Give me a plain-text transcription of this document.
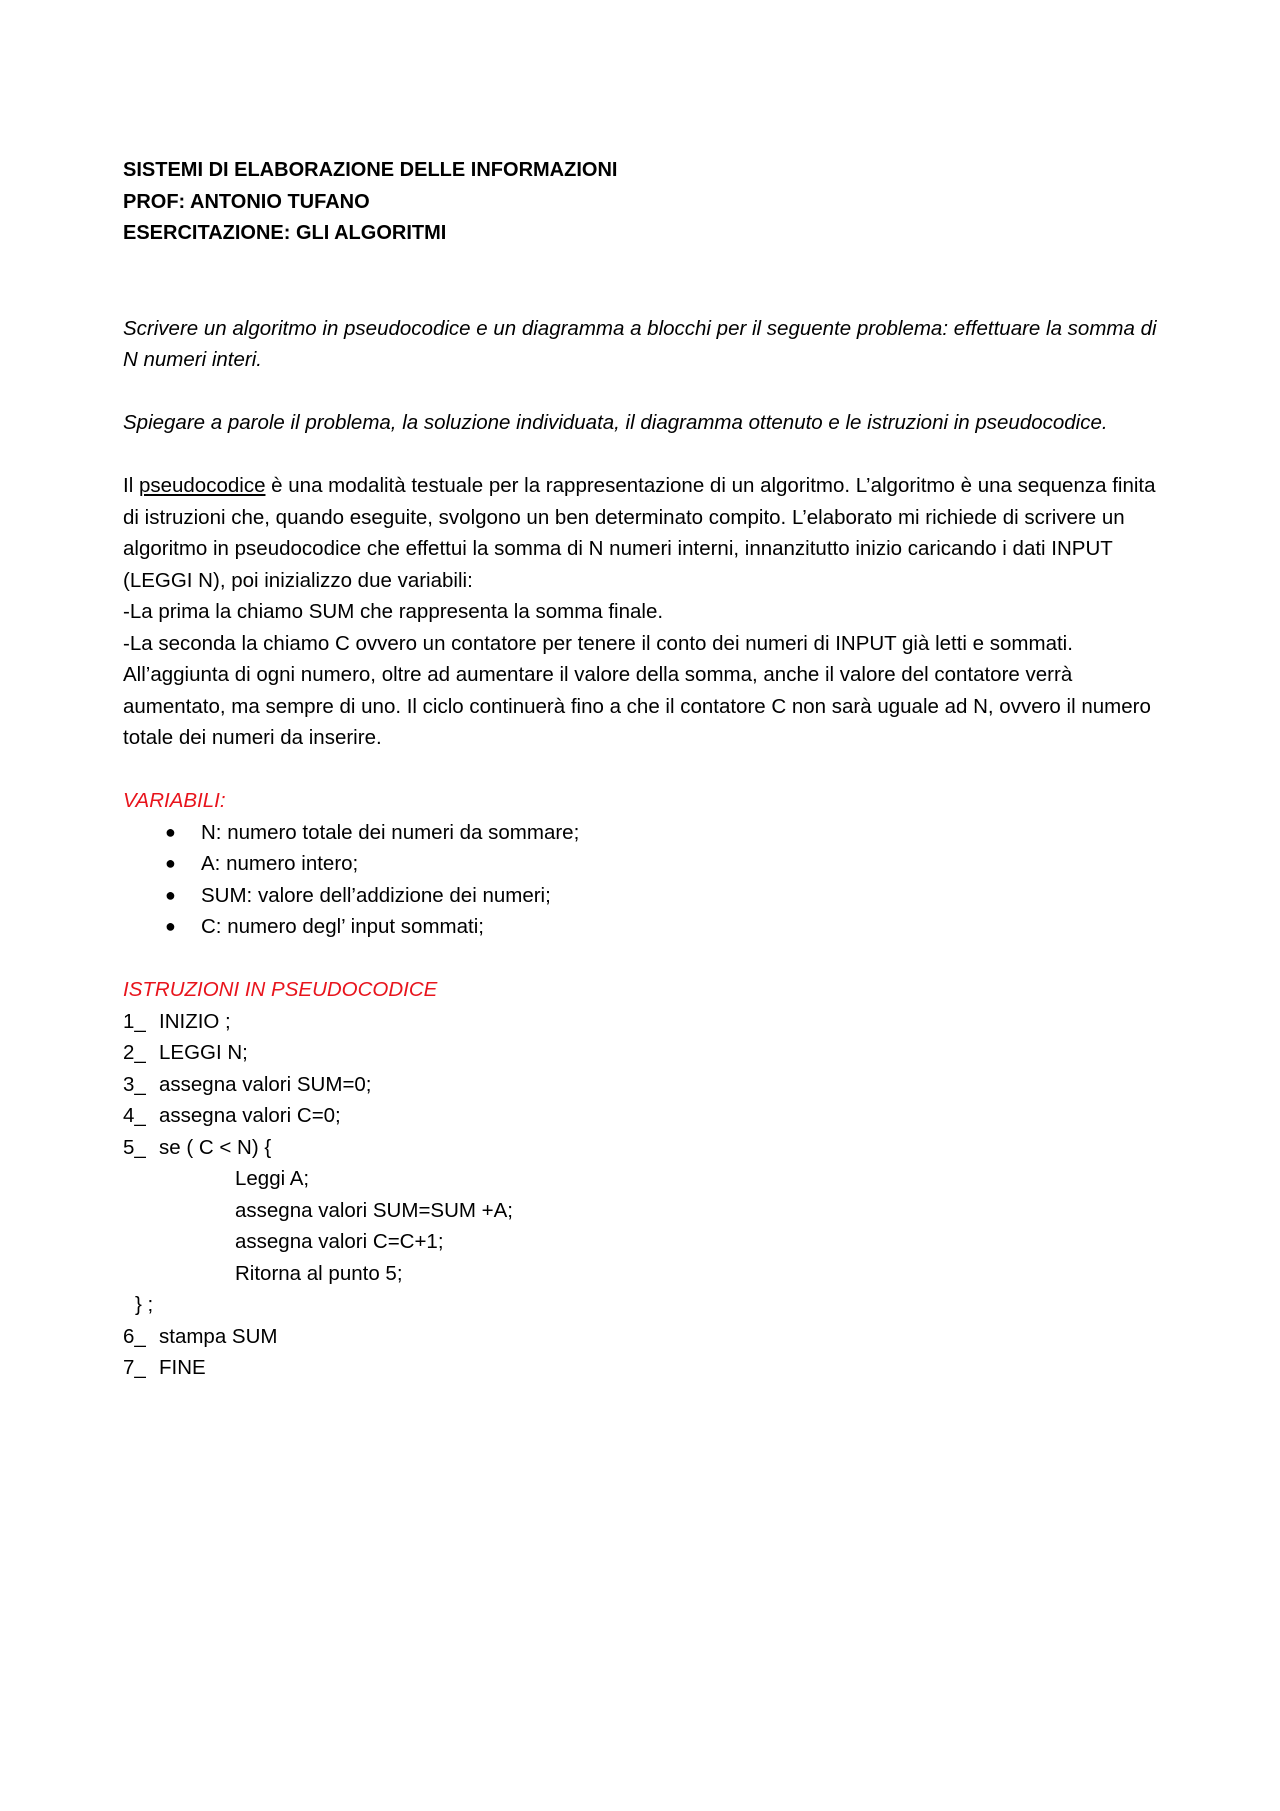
SISTEMI DI ELABORAZIONE DELLE INFORMAZIONI
PROF: ANTONIO TUFANO
ESERCITAZIONE: GLI ALGORITMI
Scrivere un algoritmo in pseudocodice e un diagramma a blocchi per il seguente problema: effettuare la somma di N numeri interi.
Spiegare a parole il problema, la soluzione individuata, il diagramma ottenuto e le istruzioni in pseudocodice.
Il pseudocodice è una modalità testuale per la rappresentazione di un algoritmo. L’algoritmo è una sequenza finita di istruzioni che, quando eseguite, svolgono un ben determinato compito. L’elaborato mi richiede di scrivere un algoritmo in pseudocodice che effettui la somma di N numeri interni, innanzitutto inizio caricando i dati INPUT (LEGGI N), poi inizializzo due variabili:
-La prima la chiamo SUM che rappresenta la somma finale.
-La seconda la chiamo C ovvero un contatore per tenere il conto dei numeri di INPUT già letti e sommati. All’aggiunta di ogni numero, oltre ad aumentare il valore della somma, anche il valore del contatore verrà aumentato, ma sempre di uno. Il ciclo continuerà fino a che il contatore C non sarà uguale ad N, ovvero il numero totale dei numeri da inserire.
VARIABILI:
● N: numero totale dei numeri da sommare;
● A: numero intero;
● SUM: valore dell’addizione dei numeri;
● C: numero degl’ input sommati;
ISTRUZIONI IN PSEUDOCODICE
1_ INIZIO ;
2_ LEGGI N;
3_ assegna valori SUM=0;
4_ assegna valori C=0;
5_ se ( C < N) {
Leggi A;
assegna valori SUM=SUM +A;
assegna valori C=C+1;
Ritorna al punto 5;
} ;
6_ stampa SUM
7_ FINE
